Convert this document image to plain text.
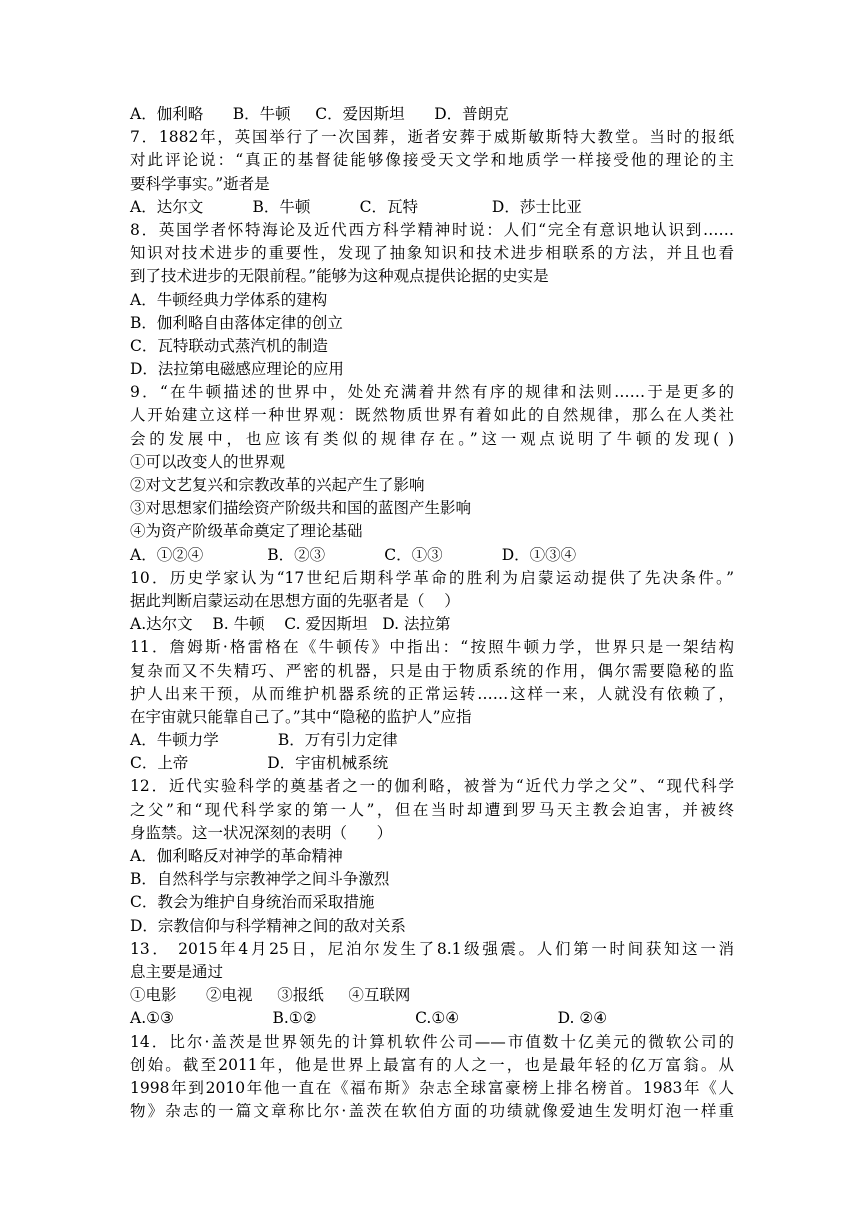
A．伽利略      B．牛顿     C．爱因斯坦      D．普朗克
7．1882年，英国举行了一次国葬，逝者安葬于威斯敏斯特大教堂。当时的报纸
对此评论说：“真正的基督徒能够像接受天文学和地质学一样接受他的理论的主
要科学事实。”逝者是
A．达尔文          B．牛顿          C．瓦特               D．莎士比亚
8．英国学者怀特海论及近代西方科学精神时说：人们“完全有意识地认识到……
知识对技术进步的重要性，发现了抽象知识和技术进步相联系的方法，并且也看
到了技术进步的无限前程。”能够为这种观点提供论据的史实是
A．牛顿经典力学体系的建构
B．伽利略自由落体定律的创立
C．瓦特联动式蒸汽机的制造
D．法拉第电磁感应理论的应用
9．“在牛顿描述的世界中，处处充满着井然有序的规律和法则……于是更多的
人开始建立这样一种世界观：既然物质世界有着如此的自然规律，那么在人类社
会的发展中，也应该有类似的规律存在。”这一观点说明了牛顿的发现( )
①可以改变人的世界观
②对文艺复兴和宗教改革的兴起产生了影响
③对思想家们描绘资产阶级共和国的蓝图产生影响
④为资产阶级革命奠定了理论基础
A．①②④             B．②③            C．①③            D．①③④
10．历史学家认为“17世纪后期科学革命的胜利为启蒙运动提供了先决条件。”
据此判断启蒙运动在思想方面的先驱者是（    ）
A.达尔文    B. 牛顿    C. 爱因斯坦   D. 法拉第
11．詹姆斯·格雷格在《牛顿传》中指出：“按照牛顿力学，世界只是一架结构
复杂而又不失精巧、严密的机器，只是由于物质系统的作用，偶尔需要隐秘的监
护人出来干预，从而维护机器系统的正常运转……这样一来，人就没有依赖了，
在宇宙就只能靠自己了。”其中“隐秘的监护人”应指
A．牛顿力学            B．万有引力定律
C．上帝                D．宇宙机械系统
12．近代实验科学的奠基者之一的伽利略，被誉为“近代力学之父”、“现代科学
之父”和“现代科学家的第一人”，但在当时却遭到罗马天主教会迫害，并被终
身监禁。这一状况深刻的表明（      ）
A．伽利略反对神学的革命精神
B．自然科学与宗教神学之间斗争激烈
C．教会为维护自身统治而采取措施
D．宗教信仰与科学精神之间的敌对关系
13． 2015年4月25日，尼泊尔发生了8.1级强震。人们第一时间获知这一消
息主要是通过
①电影      ②电视     ③报纸     ④互联网
A.①③                    B.①②                    C.①④                    D. ②④
14．比尔·盖茨是世界领先的计算机软件公司——市值数十亿美元的微软公司的
创始。截至2011年，他是世界上最富有的人之一，也是最年轻的亿万富翁。从
1998年到2010年他一直在《福布斯》杂志全球富豪榜上排名榜首。1983年《人
物》杂志的一篇文章称比尔·盖茨在软伯方面的功绩就像爱迪生发明灯泡一样重
